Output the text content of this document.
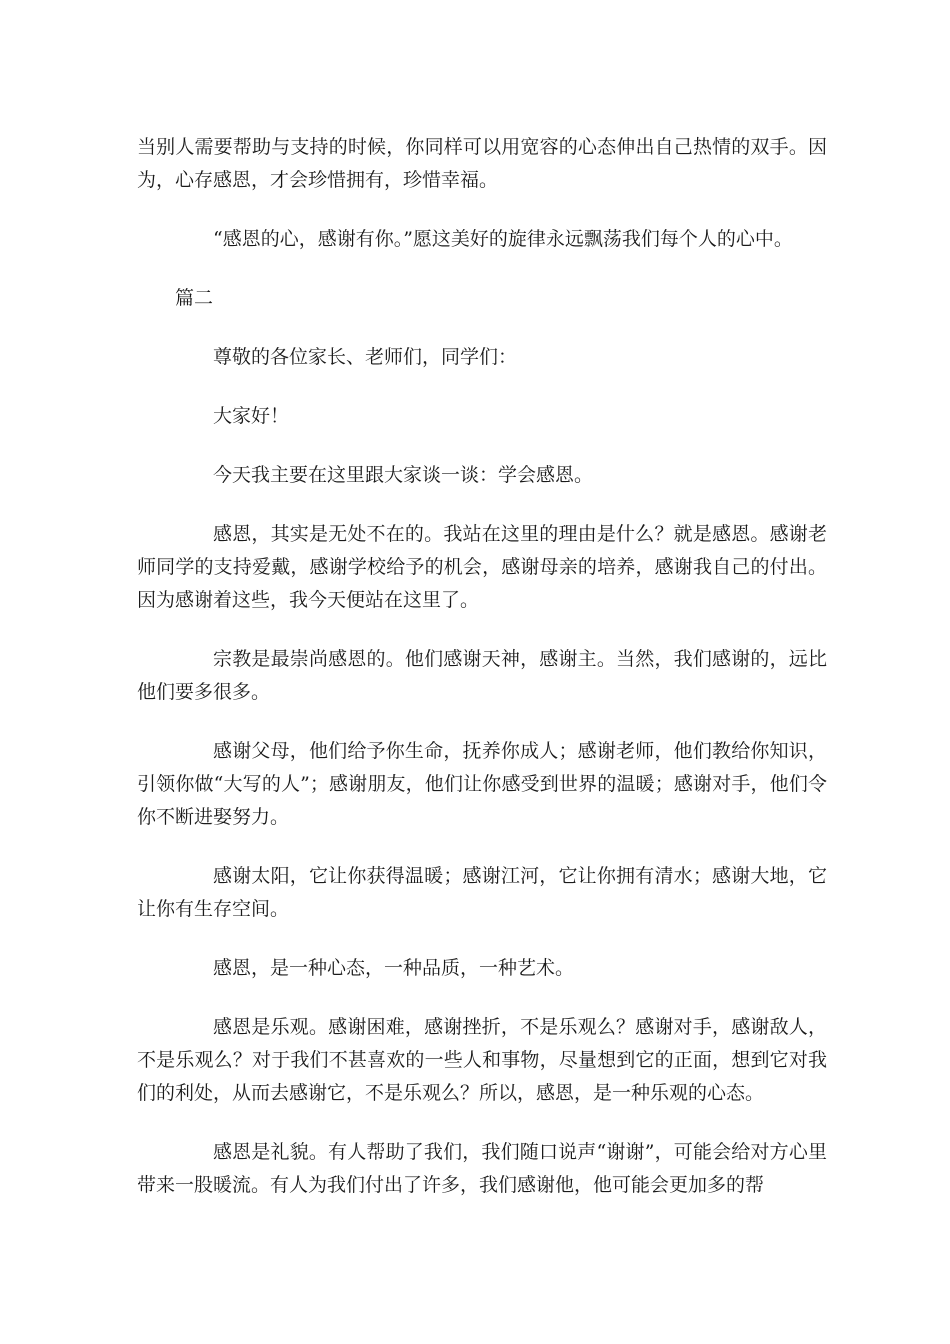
当别人需要帮助与支持的时候，你同样可以用宽容的心态伸出自己热情的双手。因为，心存感恩，才会珍惜拥有，珍惜幸福。

“感恩的心，感谢有你。”愿这美好的旋律永远飘荡我们每个人的心中。

篇二

尊敬的各位家长、老师们，同学们：

大家好！

今天我主要在这里跟大家谈一谈：学会感恩。

感恩，其实是无处不在的。我站在这里的理由是什么？就是感恩。感谢老师同学的支持爱戴，感谢学校给予的机会，感谢母亲的培养，感谢我自己的付出。因为感谢着这些，我今天便站在这里了。

宗教是最崇尚感恩的。他们感谢天神，感谢主。当然，我们感谢的，远比他们要多很多。

感谢父母，他们给予你生命，抚养你成人；感谢老师，他们教给你知识，引领你做“大写的人”；感谢朋友，他们让你感受到世界的温暖；感谢对手，他们令你不断进娶努力。

感谢太阳，它让你获得温暖；感谢江河，它让你拥有清水；感谢大地，它让你有生存空间。

感恩，是一种心态，一种品质，一种艺术。

感恩是乐观。感谢困难，感谢挫折，不是乐观么？感谢对手，感谢敌人，不是乐观么？对于我们不甚喜欢的一些人和事物，尽量想到它的正面，想到它对我们的利处，从而去感谢它，不是乐观么？所以，感恩，是一种乐观的心态。

感恩是礼貌。有人帮助了我们，我们随口说声“谢谢”，可能会给对方心里带来一股暖流。有人为我们付出了许多，我们感谢他，他可能会更加多的帮
